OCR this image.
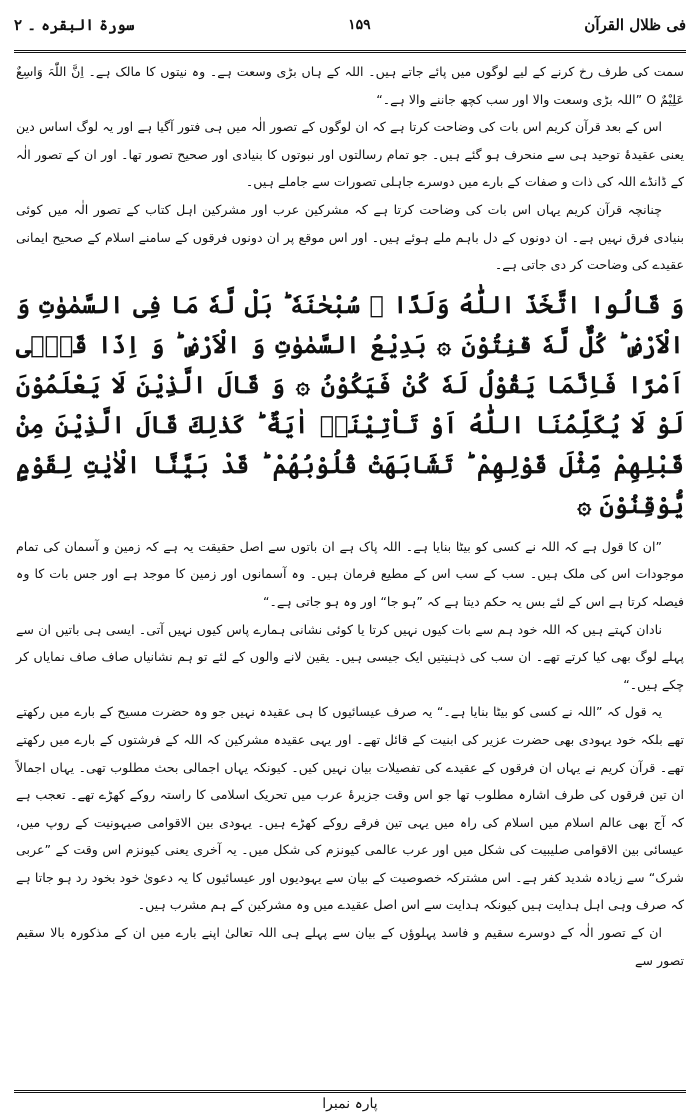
فی ظلال القرآن
۱۵۹
سورۃ البقرہ ۔ ۲

سمت کی طرف رخ کرنے کے لیے لوگوں میں پائے جاتے ہیں۔ اللہ کے ہاں بڑی وسعت ہے۔ وہ نیتوں کا مالک ہے۔ اِنَّ اللّٰہَ وَاسِعٌ عَلِیْمٌ O ”اللہ بڑی وسعت والا اور سب کچھ جاننے والا ہے۔“

اس کے بعد قرآن کریم اس بات کی وضاحت کرتا ہے کہ ان لوگوں کے تصور الٰہ میں ہی فتور آگیا ہے اور یہ لوگ اساس دین یعنی عقیدۂ توحید ہی سے منحرف ہو گئے ہیں۔ جو تمام رسالتوں اور نبوتوں کا بنیادی اور صحیح تصور تھا۔ اور ان کے تصور الٰہ کے ڈانڈے اللہ کی ذات و صفات کے بارے میں دوسرے جاہلی تصورات سے جاملے ہیں۔

چنانچہ قرآن کریم یہاں اس بات کی وضاحت کرتا ہے کہ مشرکین عرب اور مشرکین اہل کتاب کے تصور الٰہ میں کوئی بنیادی فرق نہیں ہے۔ ان دونوں کے دل باہم ملے ہوئے ہیں۔ اور اس موقع پر ان دونوں فرقوں کے سامنے اسلام کے صحیح ایمانی عقیدے کی وضاحت کر دی جاتی ہے۔

وَ قَالُوا اتَّخَذَ اللّٰهُ وَلَدًا ۙ سُبْحٰنَهٗ ؕ بَلْ لَّهٗ مَا فِی السَّمٰوٰتِ وَ الْاَرْضِ ؕ كُلٌّ لَّهٗ قٰنِتُوْنَ ۞ بَدِیْعُ السَّمٰوٰتِ وَ الْاَرْضِ ؕ وَ اِذَا قَضٰۤی اَمْرًا فَاِنَّمَا یَقُوْلُ لَهٗ كُنْ فَیَكُوْنُ ۞ وَ قَالَ الَّذِیْنَ لَا یَعْلَمُوْنَ لَوْ لَا یُكَلِّمُنَا اللّٰهُ اَوْ تَاْتِیْنَاۤ اٰیَةٌ ؕ كَذٰلِكَ قَالَ الَّذِیْنَ مِنْ قَبْلِهِمْ مِّثْلَ قَوْلِهِمْ ؕ تَشَابَهَتْ قُلُوْبُهُمْ ؕ قَدْ بَیَّنَّا الْاٰیٰتِ لِقَوْمٍ یُّوْقِنُوْنَ ۞

”ان کا قول ہے کہ اللہ نے کسی کو بیٹا بنایا ہے۔ اللہ پاک ہے ان باتوں سے اصل حقیقت یہ ہے کہ زمین و آسمان کی تمام موجودات اس کی ملک ہیں۔ سب کے سب اس کے مطیع فرمان ہیں۔ وہ آسمانوں اور زمین کا موجد ہے اور جس بات کا وہ فیصلہ کرتا ہے اس کے لئے بس یہ حکم دیتا ہے کہ ”ہو جا“ اور وہ ہو جاتی ہے۔“

نادان کہتے ہیں کہ اللہ خود ہم سے بات کیوں نہیں کرتا یا کوئی نشانی ہمارے پاس کیوں نہیں آتی۔ ایسی ہی باتیں ان سے پہلے لوگ بھی کیا کرتے تھے۔ ان سب کی ذہنیتیں ایک جیسی ہیں۔ یقین لانے والوں کے لئے تو ہم نشانیاں صاف صاف نمایاں کر چکے ہیں۔“

یہ قول کہ ”اللہ نے کسی کو بیٹا بنایا ہے۔“ یہ صرف عیسائیوں کا ہی عقیدہ نہیں جو وہ حضرت مسیح کے بارے میں رکھتے تھے بلکہ خود یہودی بھی حضرت عزیر کی ابنیت کے قائل تھے۔ اور یہی عقیدہ مشرکین کہ اللہ کے فرشتوں کے بارے میں رکھتے تھے۔ قرآن کریم نے یہاں ان فرقوں کے عقیدے کی تفصیلات بیان نہیں کیں۔ کیونکہ یہاں اجمالی بحث مطلوب تھی۔ یہاں اجمالاً ان تین فرقوں کی طرف اشارہ مطلوب تھا جو اس وقت جزیرۂ عرب میں تحریک اسلامی کا راستہ روکے کھڑے تھے۔ تعجب ہے کہ آج بھی عالم اسلام میں اسلام کی راہ میں یہی تین فرقے روکے کھڑے ہیں۔ یہودی بین الاقوامی صیہونیت کے روپ میں، عیسائی بین الاقوامی صلیبیت کی شکل میں اور عرب عالمی کیونزم کی شکل میں۔ یہ آخری یعنی کیونزم اس وقت کے ”عربی شرک“ سے زیادہ شدید کفر ہے۔ اس مشترکہ خصوصیت کے بیان سے یہودیوں اور عیسائیوں کا یہ دعویٰ خود بخود رد ہو جاتا ہے کہ صرف وہی اہل ہدایت ہیں کیونکہ ہدایت سے اس اصل عقیدے میں وہ مشرکین کے ہم مشرب ہیں۔

ان کے تصور الٰہ کے دوسرے سقیم و فاسد پہلوؤں کے بیان سے پہلے ہی اللہ تعالیٰ اپنے بارے میں ان کے مذکورہ بالا سقیم تصور سے

پارہ نمبرا
